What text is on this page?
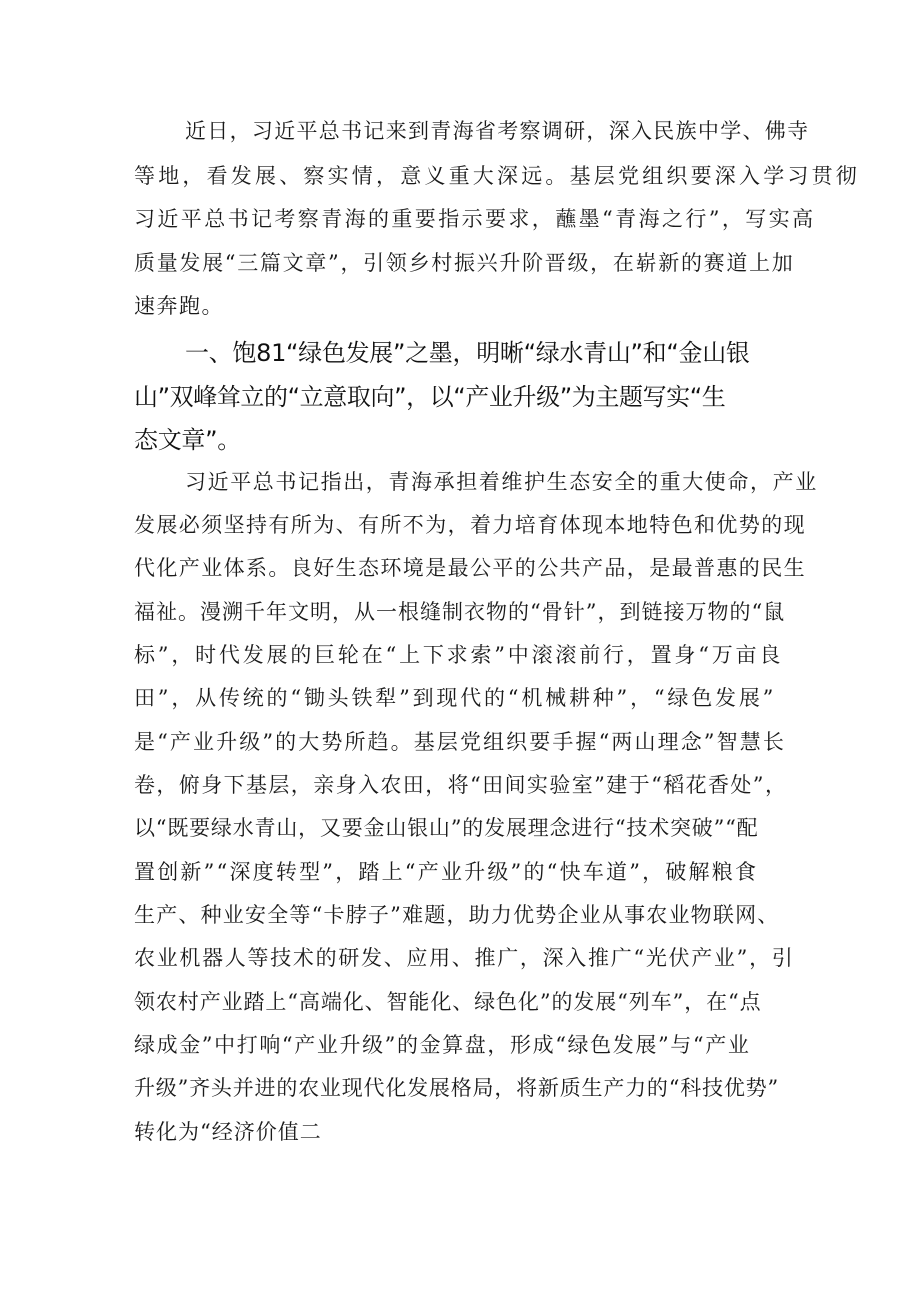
近日，习近平总书记来到青海省考察调研，深入民族中学、佛寺

等地，看发展、察实情，意义重大深远。基层党组织要深入学习贯彻

习近平总书记考察青海的重要指示要求，蘸墨“青海之行”，写实高

质量发展“三篇文章”，引领乡村振兴升阶晋级，在崭新的赛道上加

速奔跑。

一、饱81“绿色发展”之墨，明晰“绿水青山”和“金山银

山”双峰耸立的“立意取向”，以“产业升级”为主题写实“生

态文章”。

习近平总书记指出，青海承担着维护生态安全的重大使命，产业

发展必须坚持有所为、有所不为，着力培育体现本地特色和优势的现

代化产业体系。良好生态环境是最公平的公共产品，是最普惠的民生

福祉。漫溯千年文明，从一根缝制衣物的“骨针”，到链接万物的“鼠

标”，时代发展的巨轮在“上下求索”中滚滚前行，置身“万亩良

田”，从传统的“锄头铁犁”到现代的“机械耕种”，“绿色发展”

是“产业升级”的大势所趋。基层党组织要手握“两山理念”智慧长

卷，俯身下基层，亲身入农田，将“田间实验室”建于“稻花香处”，

以“既要绿水青山，又要金山银山”的发展理念进行“技术突破”“配

置创新”“深度转型”，踏上“产业升级”的“快车道”，破解粮食

生产、种业安全等“卡脖子”难题，助力优势企业从事农业物联网、

农业机器人等技术的研发、应用、推广，深入推广“光伏产业”，引

领农村产业踏上“高端化、智能化、绿色化”的发展“列车”，在“点

绿成金”中打响“产业升级”的金算盘，形成“绿色发展”与“产业

升级”齐头并进的农业现代化发展格局，将新质生产力的“科技优势”

转化为“经济价值二
